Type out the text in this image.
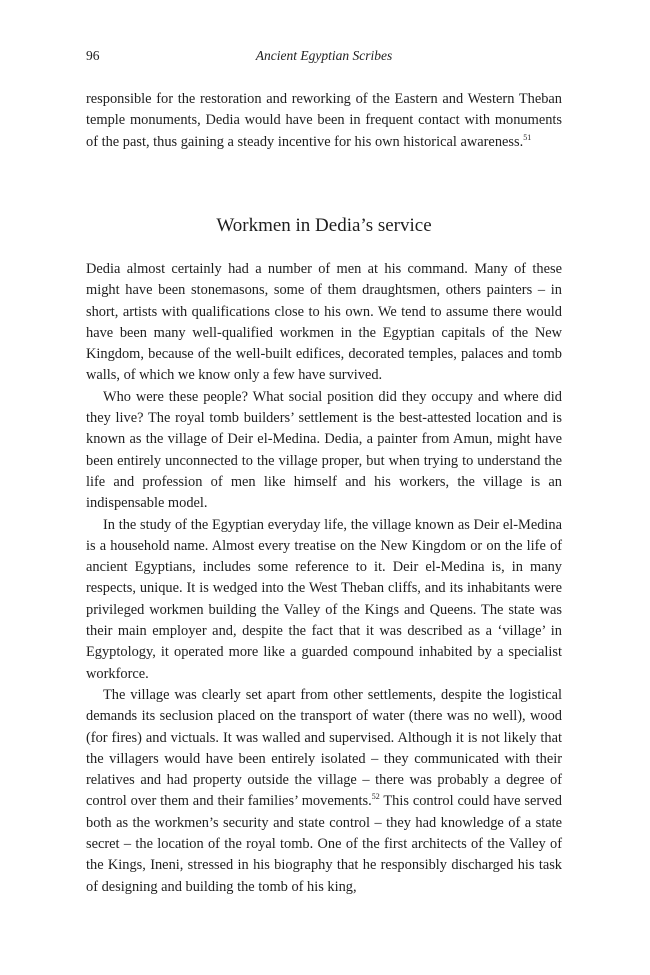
96	Ancient Egyptian Scribes

responsible for the restoration and reworking of the Eastern and Western Theban temple monuments, Dedia would have been in frequent contact with monuments of the past, thus gaining a steady incentive for his own historical awareness.$^{51}$

Workmen in Dedia’s service

Dedia almost certainly had a number of men at his command. Many of these might have been stonemasons, some of them draughtsmen, others painters – in short, artists with qualifications close to his own. We tend to assume there would have been many well-qualified workmen in the Egyptian capitals of the New Kingdom, because of the well-built edifices, decorated temples, palaces and tomb walls, of which we know only a few have survived.

Who were these people? What social position did they occupy and where did they live? The royal tomb builders’ settlement is the best-attested location and is known as the village of Deir el-Medina. Dedia, a painter from Amun, might have been entirely unconnected to the village proper, but when trying to understand the life and profession of men like himself and his workers, the village is an indispensable model.

In the study of the Egyptian everyday life, the village known as Deir el-Medina is a household name. Almost every treatise on the New Kingdom or on the life of ancient Egyptians, includes some reference to it. Deir el-Medina is, in many respects, unique. It is wedged into the West Theban cliffs, and its inhabitants were privileged workmen building the Valley of the Kings and Queens. The state was their main employer and, despite the fact that it was described as a ‘village’ in Egyptology, it operated more like a guarded compound inhabited by a specialist workforce.

The village was clearly set apart from other settlements, despite the logistical demands its seclusion placed on the transport of water (there was no well), wood (for fires) and victuals. It was walled and supervised. Although it is not likely that the villagers would have been entirely isolated – they communicated with their relatives and had property outside the village – there was probably a degree of control over them and their families’ movements.$^{52}$ This control could have served both as the workmen’s security and state control – they had knowledge of a state secret – the location of the royal tomb. One of the first architects of the Valley of the Kings, Ineni, stressed in his biography that he responsibly discharged his task of designing and building the tomb of his king,
